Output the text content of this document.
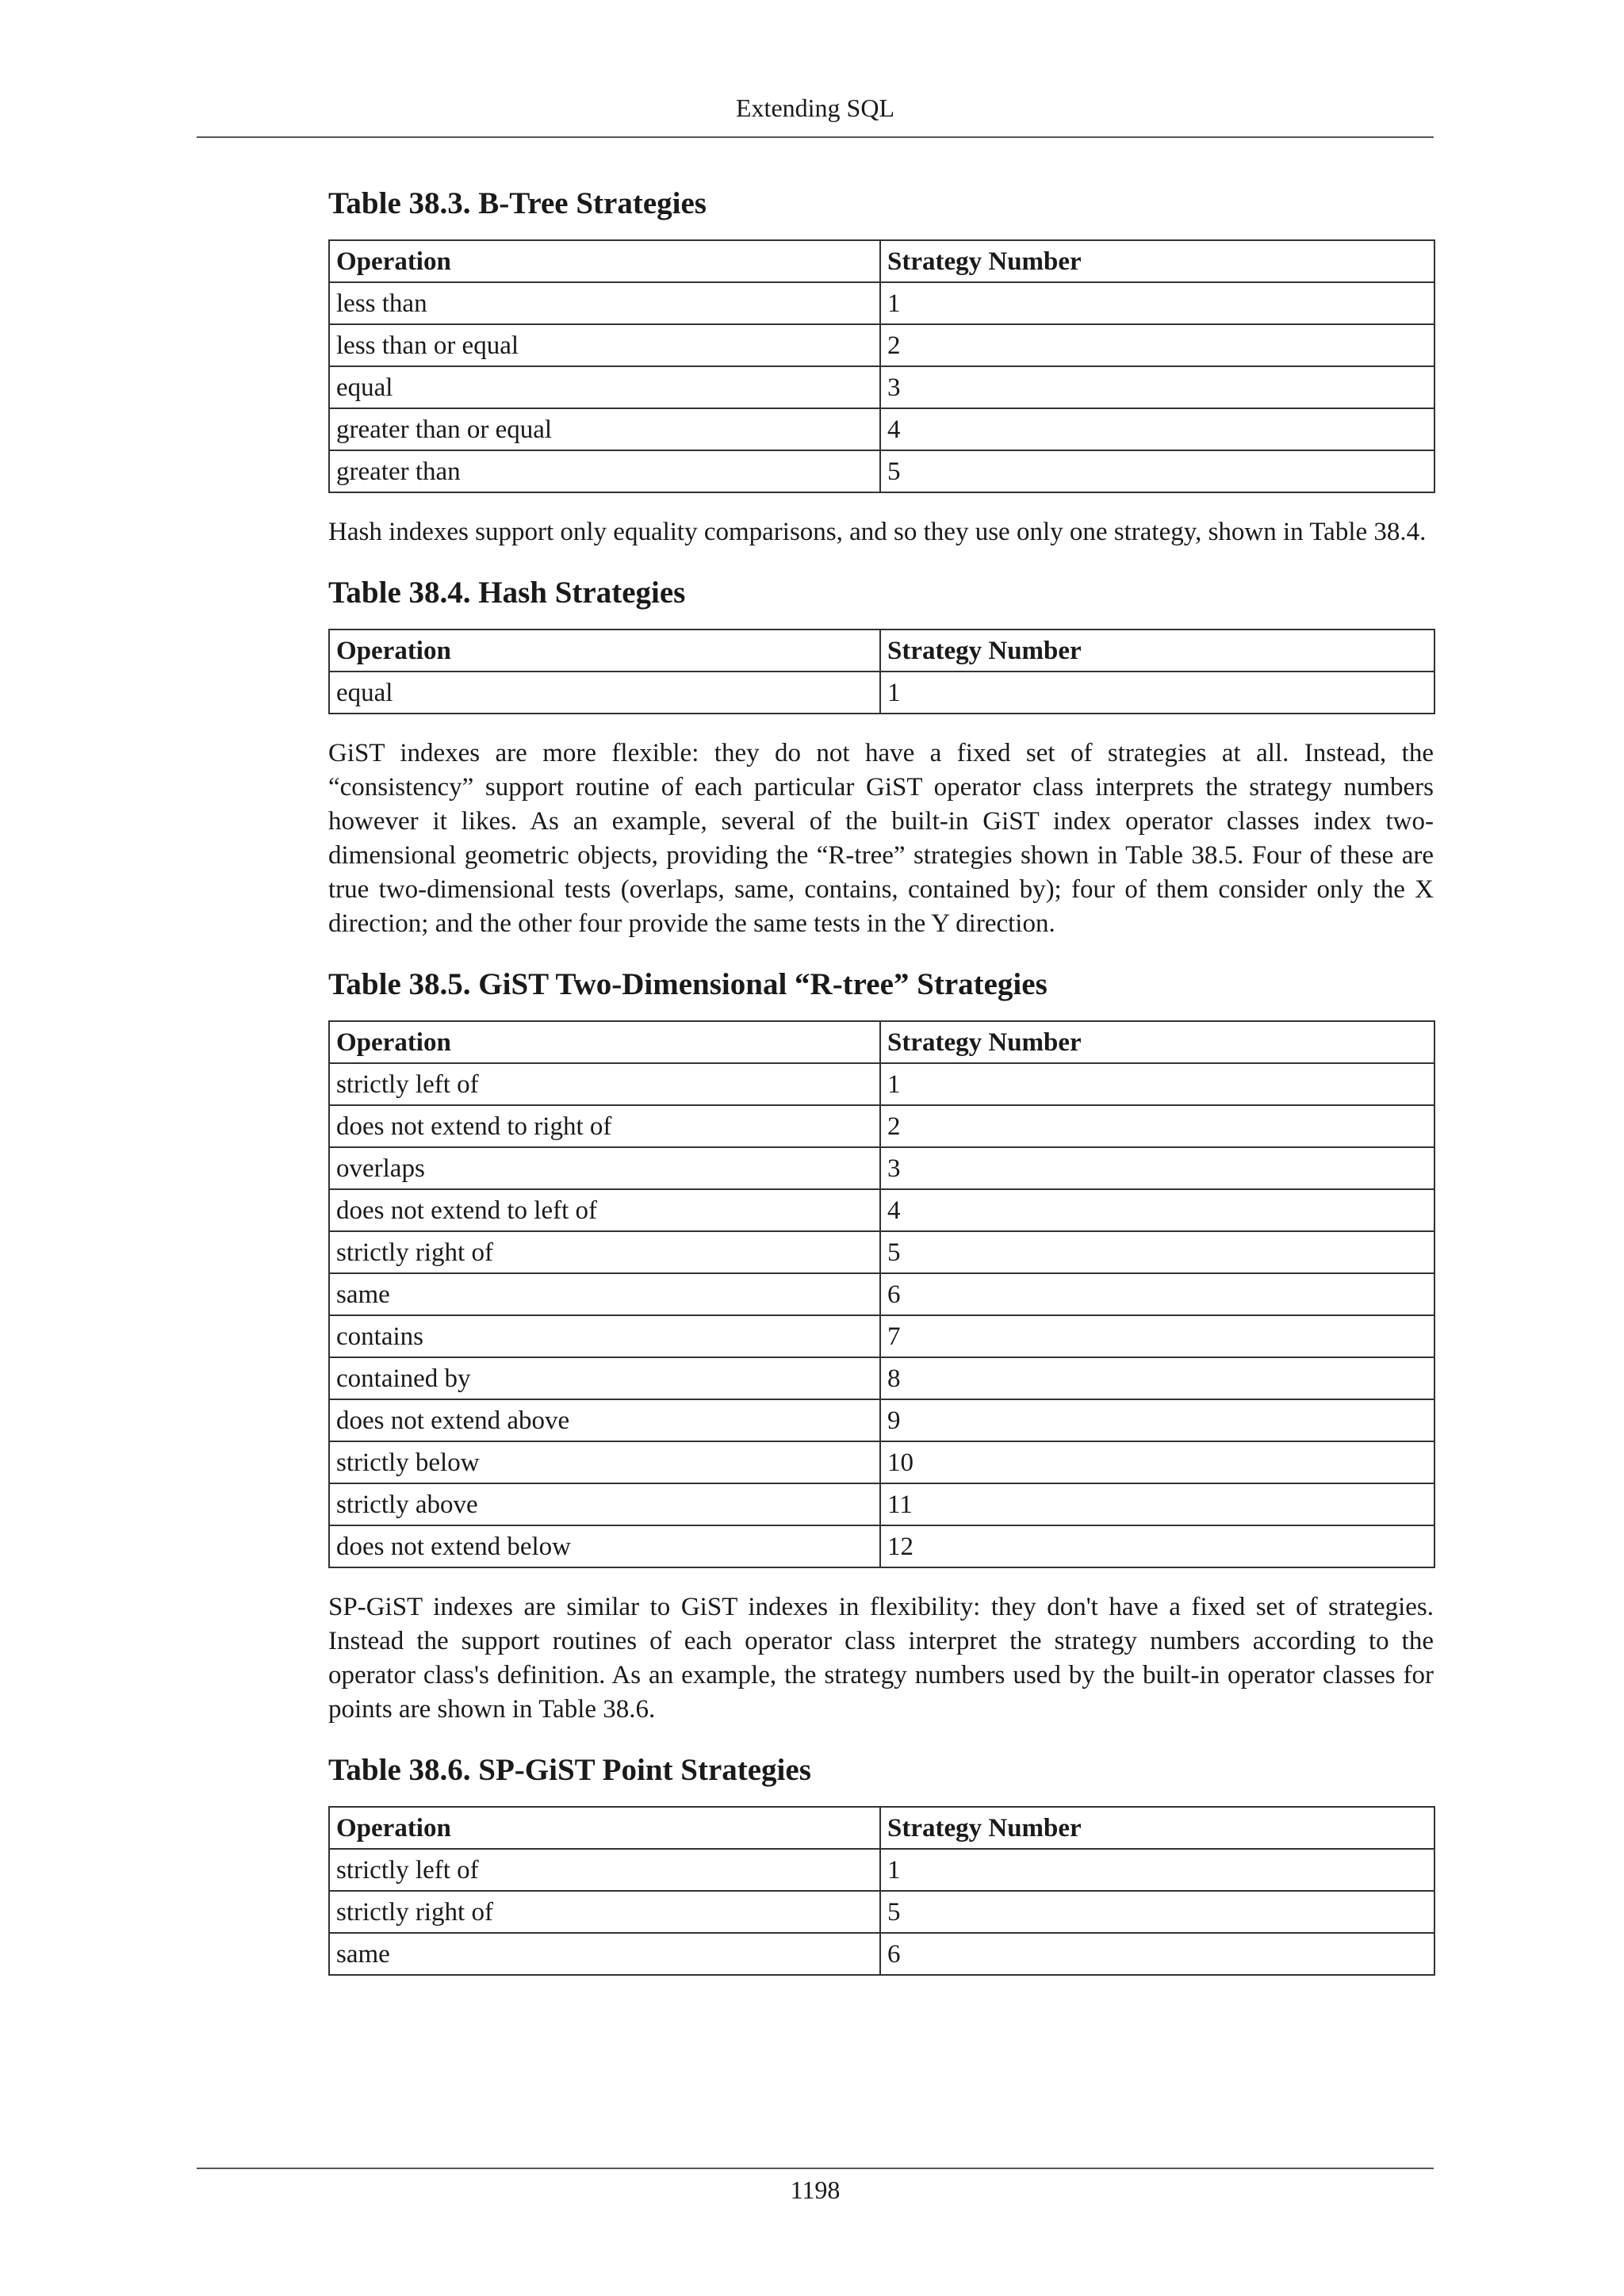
Extending SQL
Table 38.3. B-Tree Strategies
Operation	Strategy Number
less than	1
less than or equal	2
equal	3
greater than or equal	4
greater than	5

Hash indexes support only equality comparisons, and so they use only one strategy, shown in Table 38.4.

Table 38.4. Hash Strategies
Operation	Strategy Number
equal	1

GiST indexes are more flexible: they do not have a fixed set of strategies at all. Instead, the “consistency” support routine of each particular GiST operator class interprets the strategy numbers however it likes. As an example, several of the built-in GiST index operator classes index two-dimensional geometric objects, providing the “R-tree” strategies shown in Table 38.5. Four of these are true two-dimensional tests (overlaps, same, contains, contained by); four of them consider only the X direction; and the other four provide the same tests in the Y direction.

Table 38.5. GiST Two-Dimensional “R-tree” Strategies
Operation	Strategy Number
strictly left of	1
does not extend to right of	2
overlaps	3
does not extend to left of	4
strictly right of	5
same	6
contains	7
contained by	8
does not extend above	9
strictly below	10
strictly above	11
does not extend below	12

SP-GiST indexes are similar to GiST indexes in flexibility: they don't have a fixed set of strategies. Instead the support routines of each operator class interpret the strategy numbers according to the operator class's definition. As an example, the strategy numbers used by the built-in operator classes for points are shown in Table 38.6.

Table 38.6. SP-GiST Point Strategies
Operation	Strategy Number
strictly left of	1
strictly right of	5
same	6
1198
